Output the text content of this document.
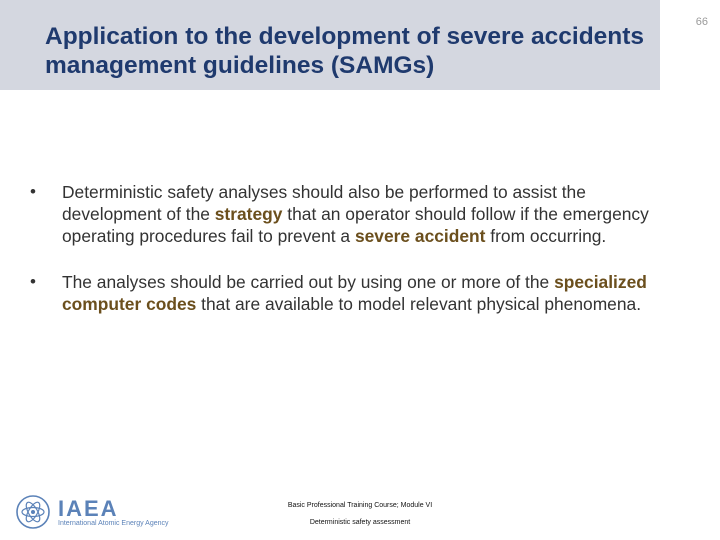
Application to the development of severe accidents management guidelines (SAMGs)
66
• Deterministic safety analyses should also be performed to assist the development of the strategy that an operator should follow if the emergency operating procedures fail to prevent a severe accident from occurring.
• The analyses should be carried out by using one or more of the specialized computer codes that are available to model relevant physical phenomena.
IAEA
International Atomic Energy Agency
Basic Professional Training Course; Module VI
Deterministic safety assessment
